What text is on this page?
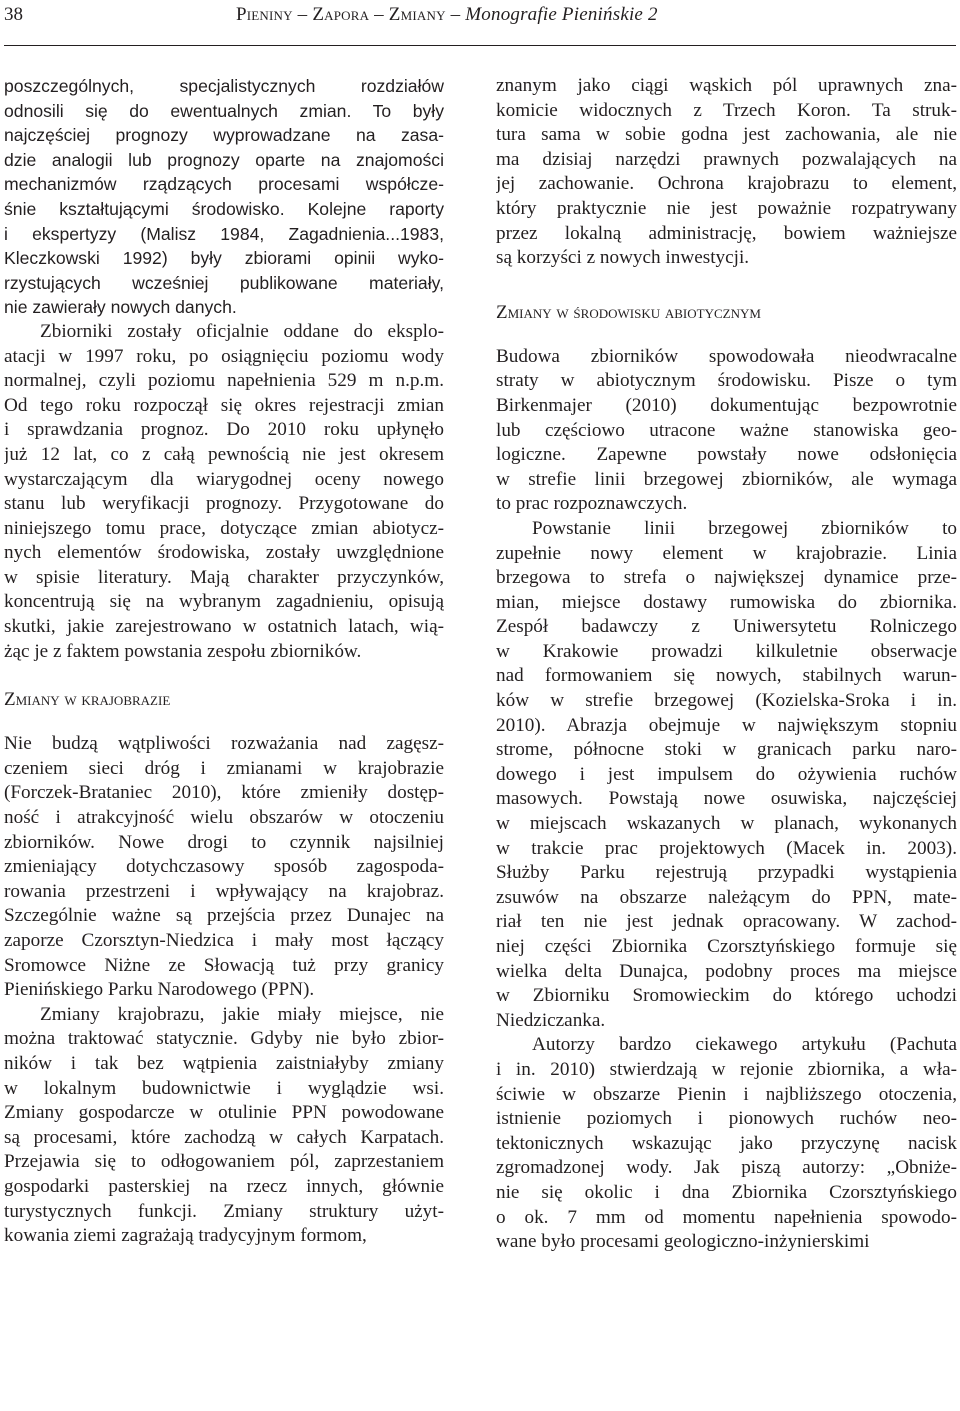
38	Pieniny – Zapora – Zmiany – Monografie Pienińskie 2
poszczególnych, specjalistycznych rozdziałów
odnosili się do ewentualnych zmian. To były
najczęściej prognozy wyprowadzane na zasa-
dzie analogii lub prognozy oparte na znajomości
mechanizmów rządzących procesami współcze-
śnie kształtującymi środowisko. Kolejne raporty
i ekspertyzy (Malisz 1984, Zagadnienia...1983,
Kleczkowski 1992) były zbiorami opinii wyko-
rzystujących wcześniej publikowane materiały,
nie zawierały nowych danych.
Zbiorniki zostały oficjalnie oddane do eksplo-
atacji w 1997 roku, po osiągnięciu poziomu wody
normalnej, czyli poziomu napełnienia 529 m n.p.m.
Od tego roku rozpoczął się okres rejestracji zmian
i sprawdzania prognoz. Do 2010 roku upłynęło
już 12 lat, co z całą pewnością nie jest okresem
wystarczającym dla wiarygodnej oceny nowego
stanu lub weryfikacji prognozy. Przygotowane do
niniejszego tomu prace, dotyczące zmian abiotycz-
nych elementów środowiska, zostały uwzględnione
w spisie literatury. Mają charakter przyczynków,
koncentrują się na wybranym zagadnieniu, opisują
skutki, jakie zarejestrowano w ostatnich latach, wią-
żąc je z faktem powstania zespołu zbiorników.
Zmiany w krajobrazie
Nie budzą wątpliwości rozważania nad zagęsz-
czeniem sieci dróg i zmianami w krajobrazie
(Forczek-Brataniec 2010), które zmieniły dostęp-
ność i atrakcyjność wielu obszarów w otoczeniu
zbiorników. Nowe drogi to czynnik najsilniej
zmieniający dotychczasowy sposób zagospoda-
rowania przestrzeni i wpływający na krajobraz.
Szczególnie ważne są przejścia przez Dunajec na
zaporze Czorsztyn-Niedzica i mały most łączący
Sromowce Niżne ze Słowacją tuż przy granicy
Pienińskiego Parku Narodowego (PPN).
Zmiany krajobrazu, jakie miały miejsce, nie
można traktować statycznie. Gdyby nie było zbior-
ników i tak bez wątpienia zaistniałyby zmiany
w lokalnym budownictwie i wyglądzie wsi.
Zmiany gospodarcze w otulinie PPN powodowane
są procesami, które zachodzą w całych Karpatach.
Przejawia się to odłogowaniem pól, zaprzestaniem
gospodarki pasterskiej na rzecz innych, głównie
turystycznych funkcji. Zmiany struktury użyt-
kowania ziemi zagrażają tradycyjnym formom,
znanym jako ciągi wąskich pól uprawnych zna-
komicie widocznych z Trzech Koron. Ta struk-
tura sama w sobie godna jest zachowania, ale nie
ma dzisiaj narzędzi prawnych pozwalających na
jej zachowanie. Ochrona krajobrazu to element,
który praktycznie nie jest poważnie rozpatrywany
przez lokalną administrację, bowiem ważniejsze
są korzyści z nowych inwestycji.
Zmiany w środowisku abiotycznym
Budowa zbiorników spowodowała nieodwracalne
straty w abiotycznym środowisku. Pisze o tym
Birkenmajer (2010) dokumentując bezpowrotnie
lub częściowo utracone ważne stanowiska geo-
logiczne. Zapewne powstały nowe odsłonięcia
w strefie linii brzegowej zbiorników, ale wymaga
to prac rozpoznawczych.
Powstanie linii brzegowej zbiorników to
zupełnie nowy element w krajobrazie. Linia
brzegowa to strefa o największej dynamice prze-
mian, miejsce dostawy rumowiska do zbiornika.
Zespół badawczy z Uniwersytetu Rolniczego
w Krakowie prowadzi kilkuletnie obserwacje
nad formowaniem się nowych, stabilnych warun-
ków w strefie brzegowej (Kozielska-Sroka i in.
2010). Abrazja obejmuje w największym stopniu
strome, północne stoki w granicach parku naro-
dowego i jest impulsem do ożywienia ruchów
masowych. Powstają nowe osuwiska, najczęściej
w miejscach wskazanych w planach, wykonanych
w trakcie prac projektowych (Macek in. 2003).
Służby Parku rejestrują przypadki wystąpienia
zsuwów na obszarze należącym do PPN, mate-
riał ten nie jest jednak opracowany. W zachod-
niej części Zbiornika Czorsztyńskiego formuje się
wielka delta Dunajca, podobny proces ma miejsce
w Zbiorniku Sromowieckim do którego uchodzi
Niedziczanka.
Autorzy bardzo ciekawego artykułu (Pachuta
i in. 2010) stwierdzają w rejonie zbiornika, a wła-
ściwie w obszarze Pienin i najbliższego otoczenia,
istnienie poziomych i pionowych ruchów neo-
tektonicznych wskazując jako przyczynę nacisk
zgromadzonej wody. Jak piszą autorzy: „Obniże-
nie się okolic i dna Zbiornika Czorsztyńskiego
o ok. 7 mm od momentu napełnienia spowodo-
wane było procesami geologiczno-inżynierskimi
